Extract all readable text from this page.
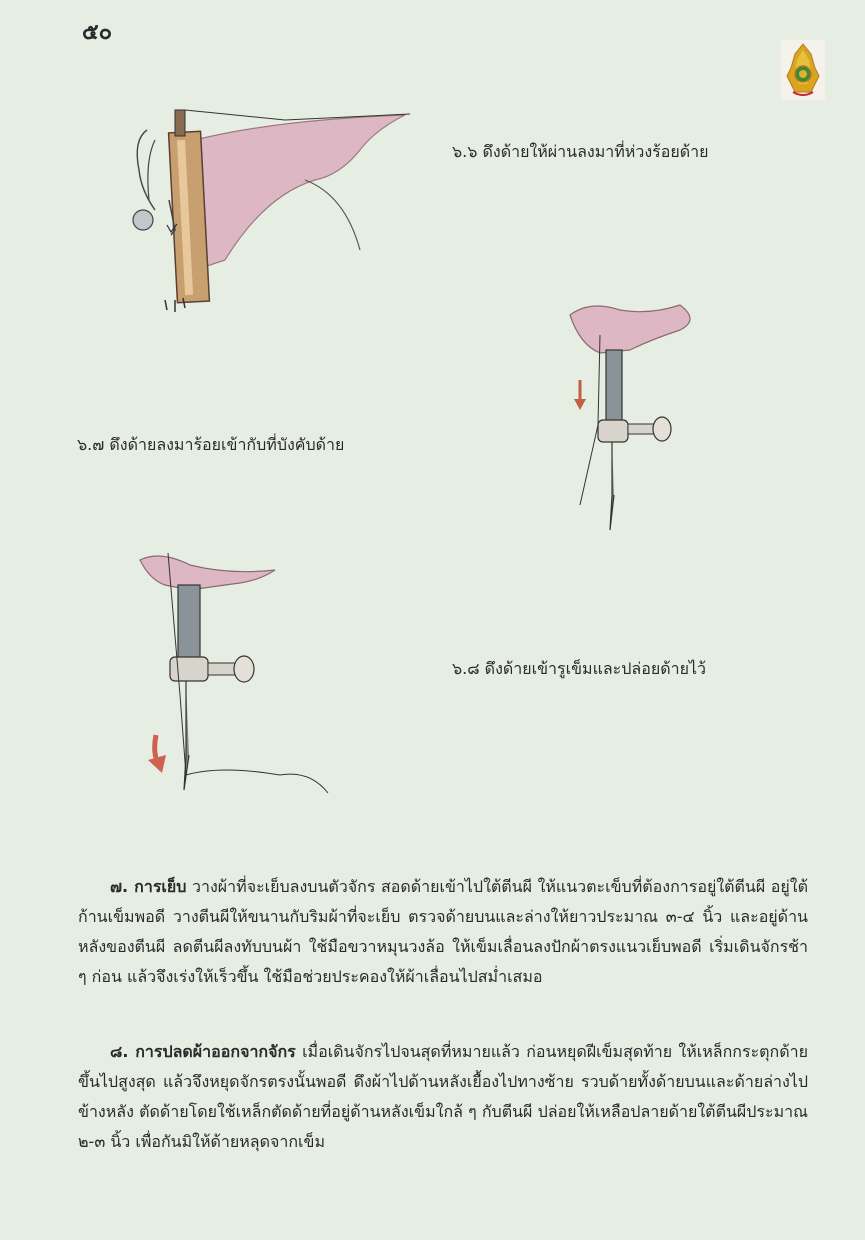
๕๐
๖.๖ ดึงด้ายให้ผ่านลงมาที่ห่วงร้อยด้าย
๖.๗ ดึงด้ายลงมาร้อยเข้ากับที่บังคับด้าย
๖.๘ ดึงด้ายเข้ารูเข็มและปล่อยด้ายไว้

๗. การเย็บ วางผ้าที่จะเย็บลงบนตัวจักร สอดด้ายเข้าไปใต้ตีนผี ให้แนวตะเข็บที่ต้องการอยู่ใต้ตีนผี อยู่ใต้ก้านเข็มพอดี วางตีนผีให้ขนานกับริมผ้าที่จะเย็บ ตรวจด้ายบนและล่างให้ยาวประมาณ ๓-๔ นิ้ว และอยู่ด้านหลังของตีนผี ลดตีนผีลงทับบนผ้า ใช้มือขวาหมุนวงล้อ ให้เข็มเลื่อนลงปักผ้าตรงแนวเย็บพอดี เริ่มเดินจักรช้า ๆ ก่อน แล้วจึงเร่งให้เร็วขึ้น ใช้มือช่วยประคองให้ผ้าเลื่อนไปสม่ำเสมอ

๘. การปลดผ้าออกจากจักร เมื่อเดินจักรไปจนสุดที่หมายแล้ว ก่อนหยุดฝีเข็มสุดท้าย ให้เหล็กกระตุกด้ายขึ้นไปสูงสุด แล้วจึงหยุดจักรตรงนั้นพอดี ดึงผ้าไปด้านหลังเยื้องไปทางซ้าย รวบด้ายทั้งด้ายบนและด้ายล่างไปข้างหลัง ตัดด้ายโดยใช้เหล็กตัดด้ายที่อยู่ด้านหลังเข็มใกล้ ๆ กับตีนผี ปล่อยให้เหลือปลายด้ายใต้ตีนผีประมาณ ๒-๓ นิ้ว เพื่อกันมิให้ด้ายหลุดจากเข็ม
